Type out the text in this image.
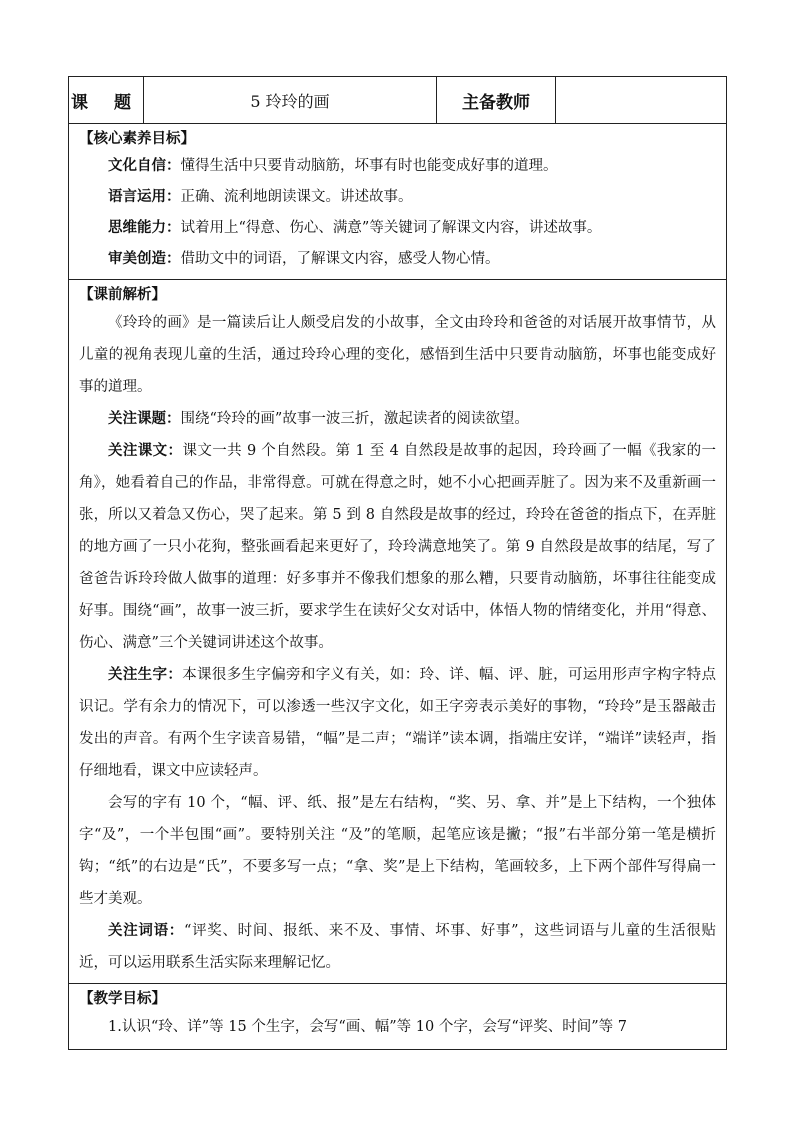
课 题	5 玲玲的画	主备教师
【核心素养目标】
文化自信：懂得生活中只要肯动脑筋，坏事有时也能变成好事的道理。
语言运用：正确、流利地朗读课文。讲述故事。
思维能力：试着用上“得意、伤心、满意”等关键词了解课文内容，讲述故事。
审美创造：借助文中的词语，了解课文内容，感受人物心情。
【课前解析】

《玲玲的画》是一篇读后让人颇受启发的小故事，全文由玲玲和爸爸的对话展开故事情节，从儿童的视角表现儿童的生活，通过玲玲心理的变化，感悟到生活中只要肯动脑筋，坏事也能变成好事的道理。

关注课题：围绕“玲玲的画”故事一波三折，激起读者的阅读欲望。

关注课文：课文一共 9 个自然段。第 1 至 4 自然段是故事的起因，玲玲画了一幅《我家的一角》，她看着自己的作品，非常得意。可就在得意之时，她不小心把画弄脏了。因为来不及重新画一张，所以又着急又伤心，哭了起来。第 5 到 8 自然段是故事的经过，玲玲在爸爸的指点下，在弄脏的地方画了一只小花狗，整张画看起来更好了，玲玲满意地笑了。第 9 自然段是故事的结尾，写了爸爸告诉玲玲做人做事的道理：好多事并不像我们想象的那么糟，只要肯动脑筋，坏事往往能变成好事。围绕“画”，故事一波三折，要求学生在读好父女对话中，体悟人物的情绪变化，并用“得意、伤心、满意”三个关键词讲述这个故事。

关注生字：本课很多生字偏旁和字义有关，如：玲、详、幅、评、脏，可运用形声字构字特点识记。学有余力的情况下，可以渗透一些汉字文化，如王字旁表示美好的事物，“玲玲”是玉器敲击发出的声音。有两个生字读音易错，“幅”是二声；“端详”读本调，指端庄安详，“端详”读轻声，指仔细地看，课文中应读轻声。

会写的字有 10 个，“幅、评、纸、报”是左右结构，“奖、另、拿、并”是上下结构，一个独体字“及”，一个半包围“画”。要特别关注 “及”的笔顺，起笔应该是撇；“报”右半部分第一笔是横折钩；“纸”的右边是“氏”，不要多写一点；“拿、奖”是上下结构，笔画较多，上下两个部件写得扁一些才美观。

关注词语：“评奖、时间、报纸、来不及、事情、坏事、好事”，这些词语与儿童的生活很贴近，可以运用联系生活实际来理解记忆。

【教学目标】

1.认识“玲、详”等 15 个生字，会写“画、幅”等 10 个字，会写“评奖、时间”等 7
